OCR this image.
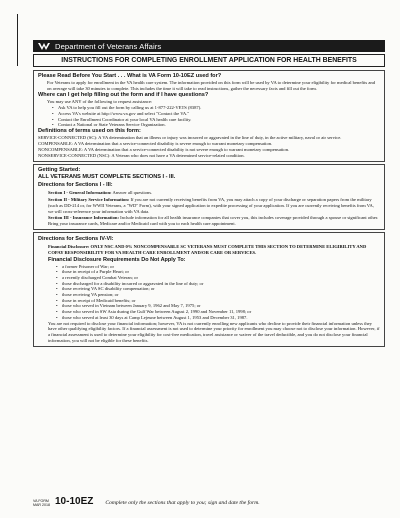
Department of Veterans Affairs
INSTRUCTIONS FOR COMPLETING ENROLLMENT APPLICATION FOR HEALTH BENEFITS
Please Read Before You Start . . . What is VA Form 10-10EZ used for?
For Veterans to apply for enrollment in the VA health care system. The information provided on this form will be used by VA to determine your eligibility for medical benefits and on average will take 30 minutes to complete. This includes the time it will take to read instructions, gather the necessary facts and fill out the form.
Where can I get help filling out the form and if I have questions?
You may use ANY of the following to request assistance:
• Ask VA to help you fill out the form by calling us at 1-877-222-VETS (8387).
• Access VA's website at http://www.va.gov and select "Contact the VA."
• Contact the Enrollment Coordinator at your local VA health care facility.
• Contact a National or State Veterans Service Organization.
Definitions of terms used on this form:
SERVICE-CONNECTED (SC): A VA determination that an illness or injury was incurred or aggravated in the line of duty, in the active military, naval or air service.
COMPENSABLE: A VA determination that a service-connected disability is severe enough to warrant monetary compensation.
NONCOMPENSABLE: A VA determination that a service-connected disability is not severe enough to warrant monetary compensation.
NONSERVICE-CONNECTED (NSC): A Veteran who does not have a VA determined service-related condition.
Getting Started:
ALL VETERANS MUST COMPLETE SECTIONS I - III.
Directions for Sections I - III:
Section I - General Information: Answer all questions.
Section II - Military Service Information: If you are not currently receiving benefits from VA, you may attach a copy of your discharge or separation papers from the military (such as DD-214 or, for WWII Veterans, a "WD" Form), with your signed application to expedite processing of your application. If you are currently receiving benefits from VA, we will cross-reference your information with VA data.
Section III - Insurance Information: Include information for all health insurance companies that cover you, this includes coverage provided through a spouse or significant other. Bring your insurance cards, Medicare and/or Medicaid card with you to each health care appointment.
Directions for Sections IV-VI:
Financial Disclosure: ONLY NSC AND 0% NONCOMPENSABLE SC VETERANS MUST COMPLETE THIS SECTION TO DETERMINE ELIGIBILITY AND COPAY RESPONSIBILITY FOR VA HEALTH CARE ENROLLMENT AND/OR CARE OR SERVICES.
Financial Disclosure Requirements Do Not Apply To:
• a former Prisoner of War; or
• those in receipt of a Purple Heart; or
• a recently discharged Combat Veteran; or
• those discharged for a disability incurred or aggravated in the line of duty; or
• those receiving VA SC disability compensation; or
• those receiving VA pension; or
• those in receipt of Medicaid benefits; or
• those who served in Vietnam between January 9, 1962 and May 7, 1975; or
• those who served in SW Asia during the Gulf War between August 2, 1990 and November 11, 1998; or
• those who served at least 30 days at Camp Lejeune between August 1, 1953 and December 31, 1987.
You are not required to disclose your financial information; however, VA is not currently enrolling new applicants who decline to provide their financial information unless they have other qualifying eligibility factors. If a financial assessment is not used to determine your priority for enrollment you may choose not to disclose your information. However, if a financial assessment is used to determine your eligibility for cost-free medication, travel assistance or waiver of the travel deductible, and you do not disclose your financial information, you will not be eligible for these benefits.
VA FORM
MAR 2018 10-10EZ Complete only the sections that apply to you; sign and date the form.
